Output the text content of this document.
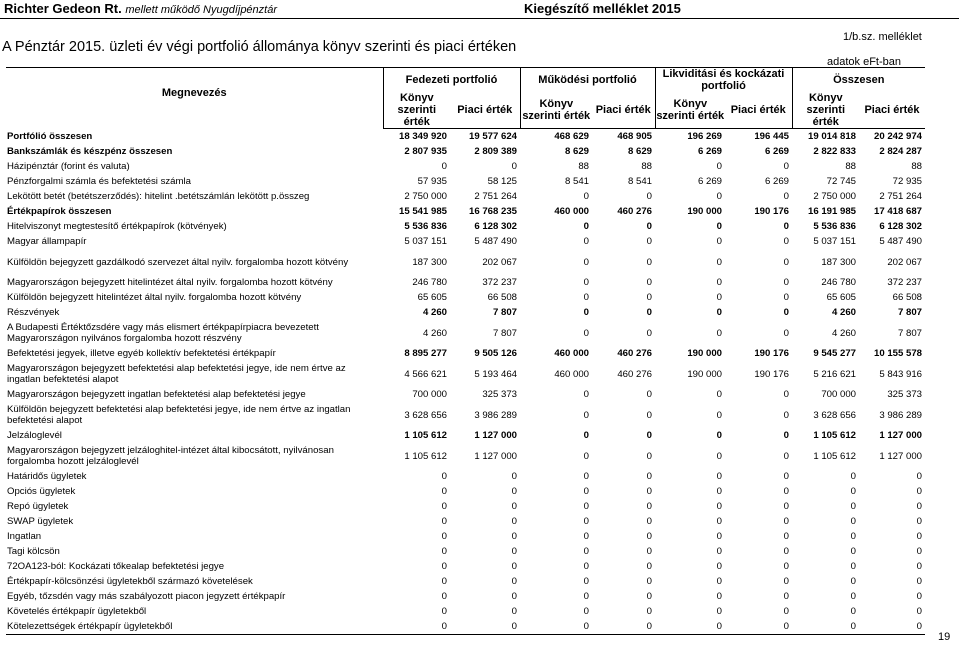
Richter Gedeon Rt. mellett működő Nyugdíjpénztár	Kiegészítő melléklet 2015
A Pénztár 2015. üzleti év végi portfolió állománya könyv szerinti és piaci értéken
1/b.sz. melléklet
adatok eFt-ban
Megnevezés	Fedezeti portfolió		Működési portfolió		Likviditási és kockázati portfolió		Összesen	
	Könyv szerinti érték	Piaci érték	Könyv szerinti érték	Piaci érték	Könyv szerinti érték	Piaci érték	Könyv szerinti érték	Piaci érték
Portfólió összesen	18 349 920	19 577 624	468 629	468 905	196 269	196 445	19 014 818	20 242 974
Bankszámlák és készpénz összesen	2 807 935	2 809 389	8 629	8 629	6 269	6 269	2 822 833	2 824 287
Házipénztár (forint és valuta)	0	0	88	88	0	0	88	88
Pénzforgalmi számla és befektetési számla	57 935	58 125	8 541	8 541	6 269	6 269	72 745	72 935
Lekötött betét (betétszerződés): hitelint .betétszámlán lekötött p.összeg	2 750 000	2 751 264	0	0	0	0	2 750 000	2 751 264
Értékpapírok összesen	15 541 985	16 768 235	460 000	460 276	190 000	190 176	16 191 985	17 418 687
Hitelviszonyt megtestesítő értékpapírok (kötvények)	5 536 836	6 128 302	0	0	0	0	5 536 836	6 128 302
Magyar állampapír	5 037 151	5 487 490	0	0	0	0	5 037 151	5 487 490
Külföldön bejegyzett gazdálkodó szervezet által nyilv. forgalomba hozott kötvény	187 300	202 067	0	0	0	0	187 300	202 067
Magyarországon bejegyzett hitelintézet által nyilv. forgalomba hozott kötvény	246 780	372 237	0	0	0	0	246 780	372 237
Külföldön bejegyzett hitelintézet által nyilv. forgalomba hozott kötvény	65 605	66 508	0	0	0	0	65 605	66 508
Részvények	4 260	7 807	0	0	0	0	4 260	7 807
A Budapesti Értéktőzsdére vagy más elismert értékpapírpiacra bevezetett Magyarországon nyilvános forgalomba hozott részvény	4 260	7 807	0	0	0	0	4 260	7 807
Befektetési jegyek, illetve egyéb kollektív befektetési értékpapír	8 895 277	9 505 126	460 000	460 276	190 000	190 176	9 545 277	10 155 578
Magyarországon bejegyzett befektetési alap befektetési jegye, ide nem értve az ingatlan befektetési alapot	4 566 621	5 193 464	460 000	460 276	190 000	190 176	5 216 621	5 843 916
Magyarországon bejegyzett ingatlan befektetési alap befektetési jegye	700 000	325 373	0	0	0	0	700 000	325 373
Külföldön bejegyzett befektetési alap befektetési jegye, ide nem értve az ingatlan befektetési alapot	3 628 656	3 986 289	0	0	0	0	3 628 656	3 986 289
Jelzáloglevél	1 105 612	1 127 000	0	0	0	0	1 105 612	1 127 000
Magyarországon bejegyzett jelzáloghitel-intézet által kibocsátott, nyilvánosan forgalomba hozott jelzáloglevél	1 105 612	1 127 000	0	0	0	0	1 105 612	1 127 000
Határidős ügyletek	0	0	0	0	0	0	0	0
Opciós ügyletek	0	0	0	0	0	0	0	0
Repó ügyletek	0	0	0	0	0	0	0	0
SWAP ügyletek	0	0	0	0	0	0	0	0
Ingatlan	0	0	0	0	0	0	0	0
Tagi kölcsön	0	0	0	0	0	0	0	0
72OA123-ból: Kockázati tőkealap befektetési jegye	0	0	0	0	0	0	0	0
Értékpapír-kölcsönzési ügyletekből származó követelések	0	0	0	0	0	0	0	0
Egyéb, tőzsdén vagy más szabályozott piacon jegyzett értékpapír	0	0	0	0	0	0	0	0
Követelés értékpapír ügyletekből	0	0	0	0	0	0	0	0
Kötelezettségek értékpapír ügyletekből	0	0	0	0	0	0	0	0
19
